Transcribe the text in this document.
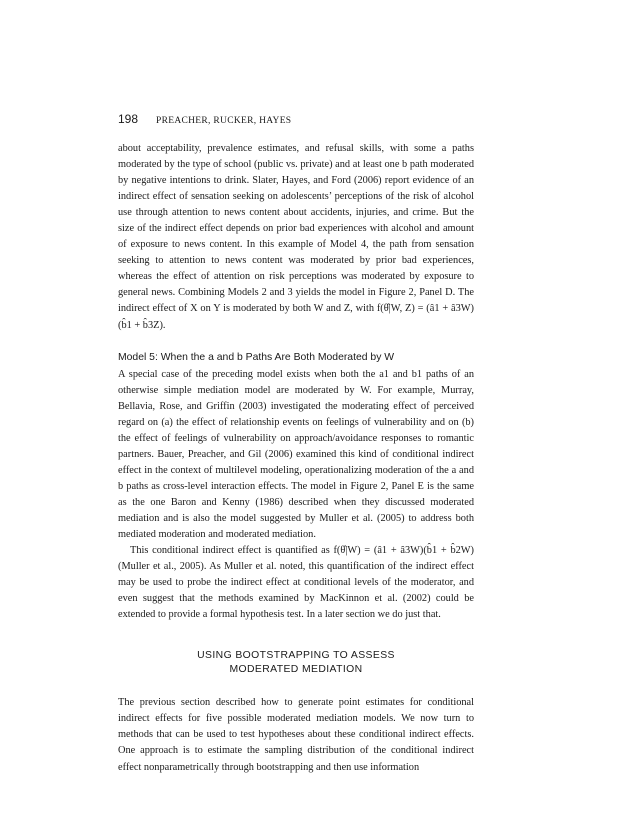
198 PREACHER, RUCKER, HAYES

about acceptability, prevalence estimates, and refusal skills, with some a paths moderated by the type of school (public vs. private) and at least one b path moderated by negative intentions to drink. Slater, Hayes, and Ford (2006) report evidence of an indirect effect of sensation seeking on adolescents’ perceptions of the risk of alcohol use through attention to news content about accidents, injuries, and crime. But the size of the indirect effect depends on prior bad experiences with alcohol and amount of exposure to news content. In this example of Model 4, the path from sensation seeking to attention to news content was moderated by prior bad experiences, whereas the effect of attention on risk perceptions was moderated by exposure to general news. Combining Models 2 and 3 yields the model in Figure 2, Panel D. The indirect effect of X on Y is moderated by both W and Z, with f(θ̂|W, Z) = (â1 + â3W)(b̂1 + b̂3Z).

Model 5: When the a and b Paths Are Both Moderated by W

A special case of the preceding model exists when both the a1 and b1 paths of an otherwise simple mediation model are moderated by W. For example, Murray, Bellavia, Rose, and Griffin (2003) investigated the moderating effect of perceived regard on (a) the effect of relationship events on feelings of vulnerability and on (b) the effect of feelings of vulnerability on approach/avoidance responses to romantic partners. Bauer, Preacher, and Gil (2006) examined this kind of conditional indirect effect in the context of multilevel modeling, operationalizing moderation of the a and b paths as cross-level interaction effects. The model in Figure 2, Panel E is the same as the one Baron and Kenny (1986) described when they discussed moderated mediation and is also the model suggested by Muller et al. (2005) to address both mediated moderation and moderated mediation.

This conditional indirect effect is quantified as f(θ̂|W) = (â1 + â3W)(b̂1 + b̂2W) (Muller et al., 2005). As Muller et al. noted, this quantification of the indirect effect may be used to probe the indirect effect at conditional levels of the moderator, and even suggest that the methods examined by MacKinnon et al. (2002) could be extended to provide a formal hypothesis test. In a later section we do just that.

USING BOOTSTRAPPING TO ASSESS
MODERATED MEDIATION

The previous section described how to generate point estimates for conditional indirect effects for five possible moderated mediation models. We now turn to methods that can be used to test hypotheses about these conditional indirect effects. One approach is to estimate the sampling distribution of the conditional indirect effect nonparametrically through bootstrapping and then use information
